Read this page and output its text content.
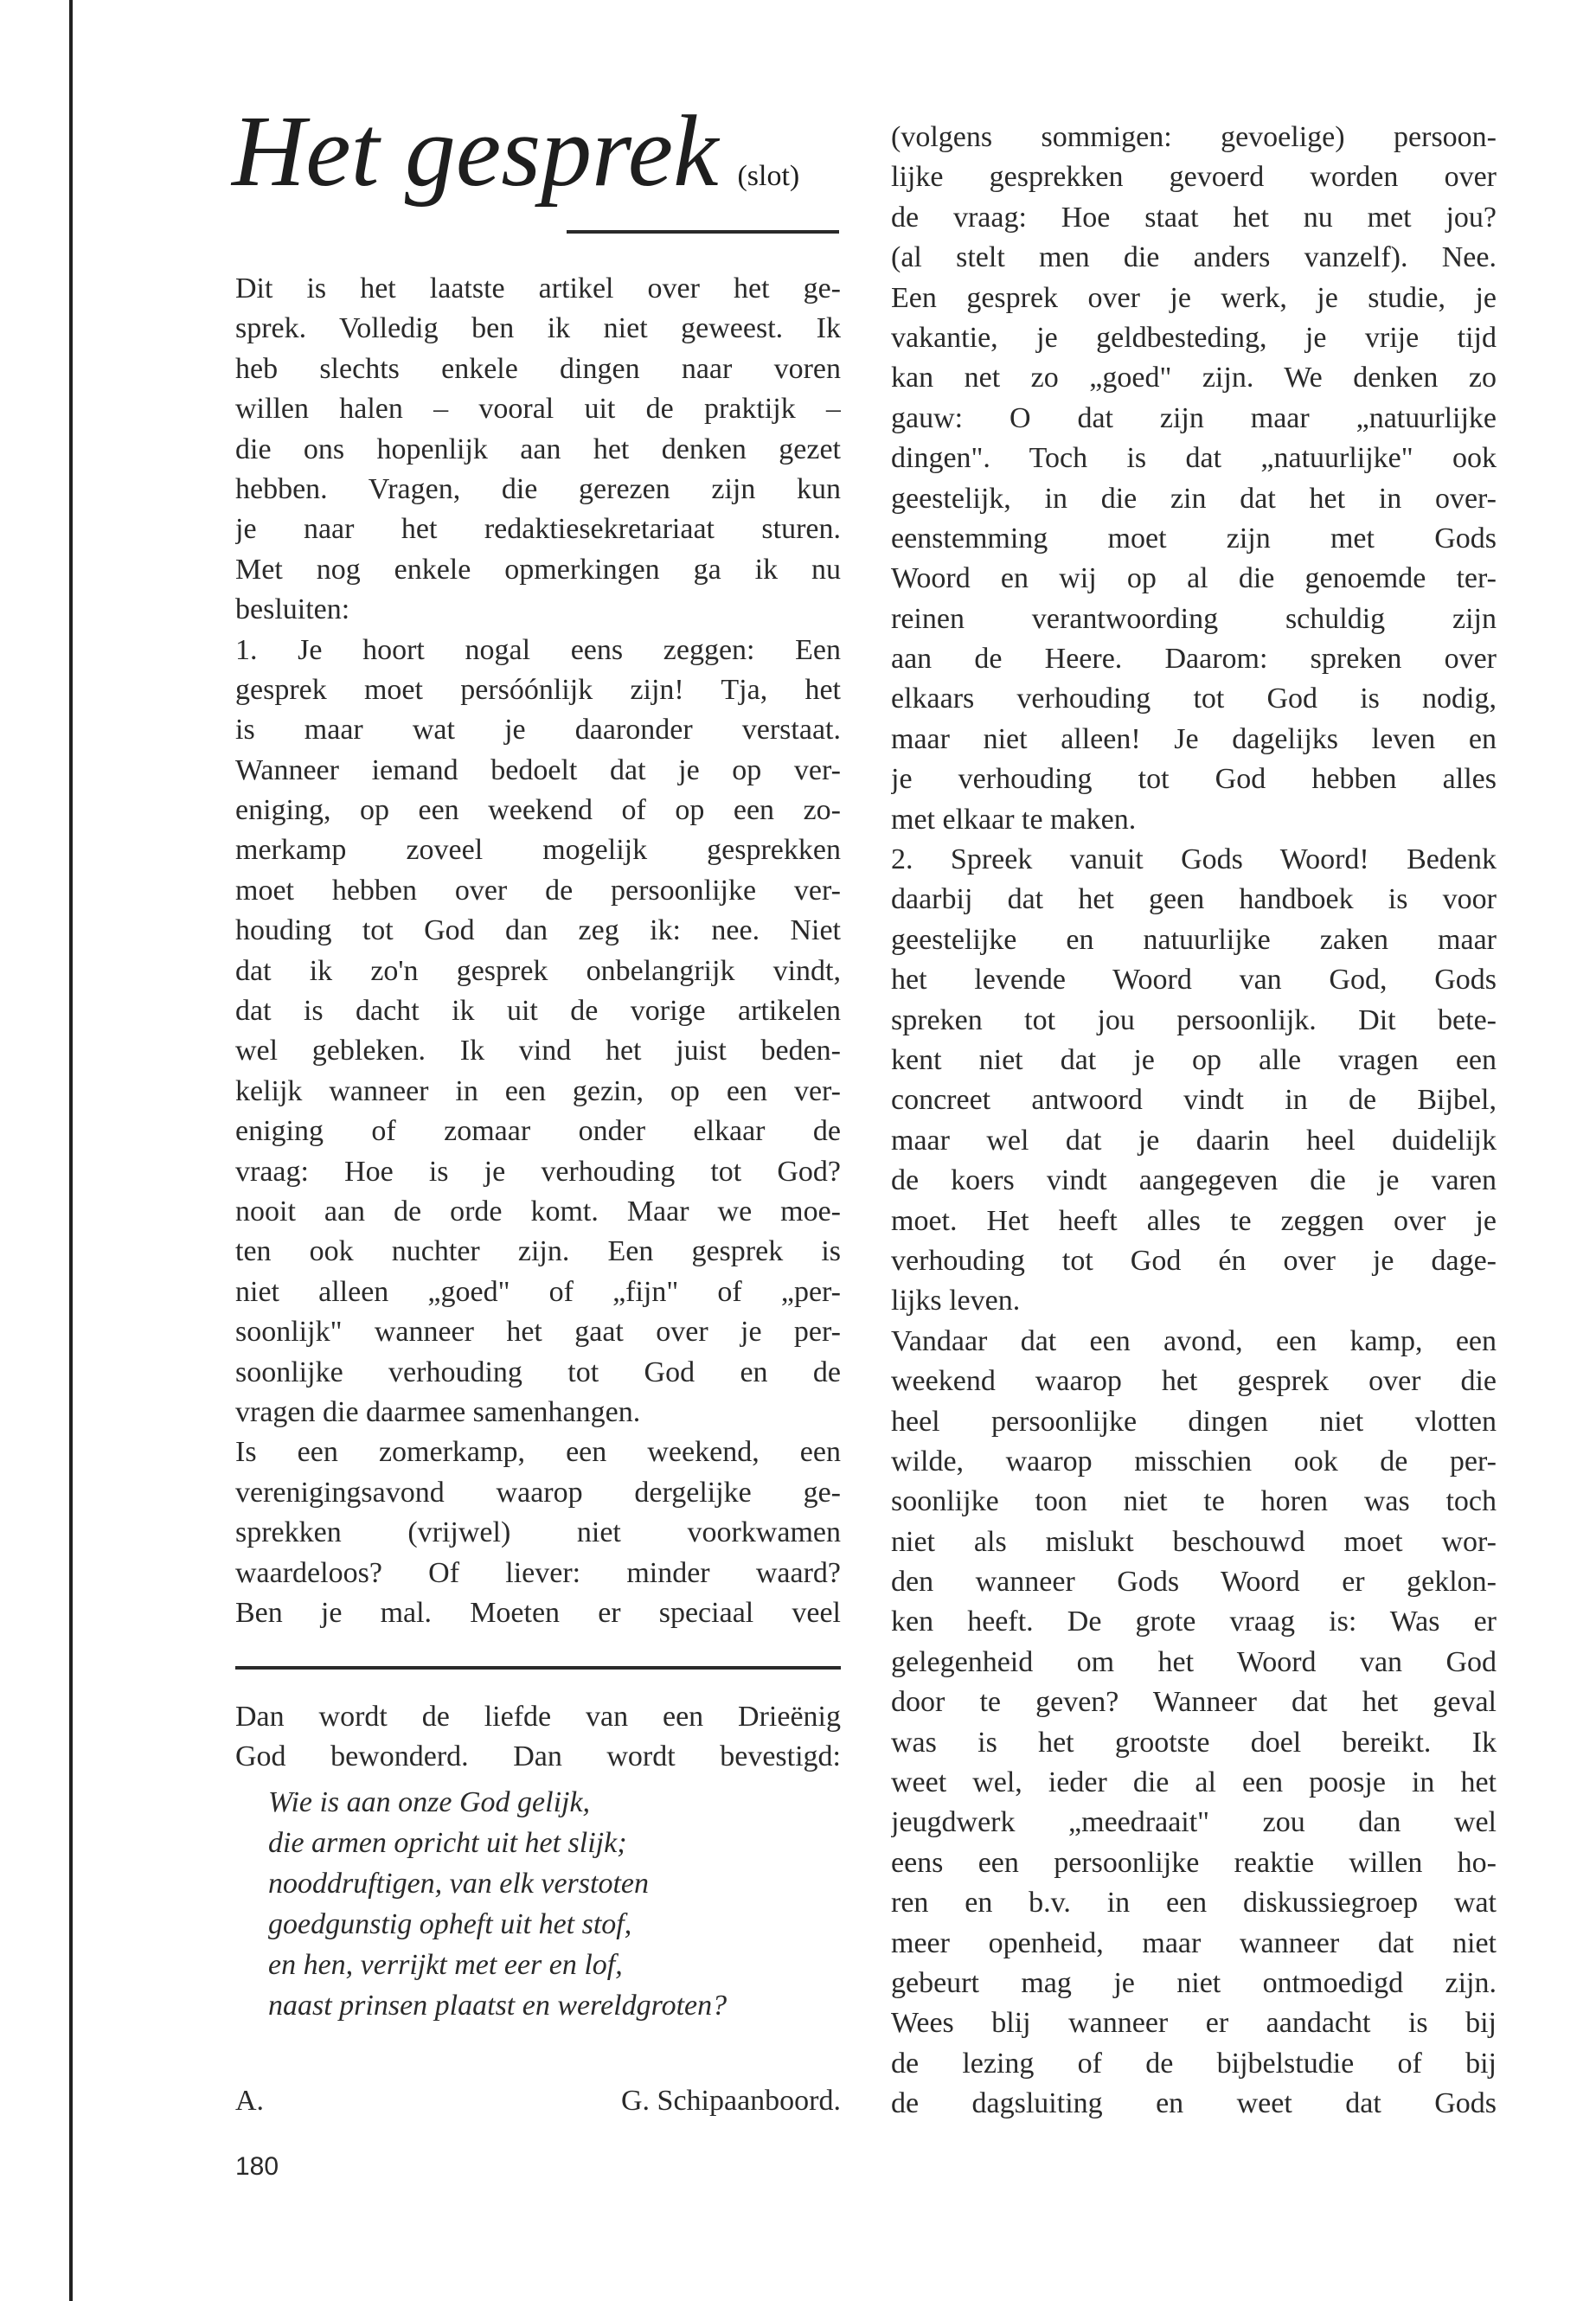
Het gesprek (slot)
Dit is het laatste artikel over het ge-
sprek. Volledig ben ik niet geweest. Ik
heb slechts enkele dingen naar voren
willen halen – vooral uit de praktijk –
die ons hopenlijk aan het denken gezet
hebben. Vragen, die gerezen zijn kun
je naar het redaktiesekretariaat sturen.
Met nog enkele opmerkingen ga ik nu
besluiten:
1. Je hoort nogal eens zeggen: Een
gesprek moet persóónlijk zijn! Tja, het
is maar wat je daaronder verstaat.
Wanneer iemand bedoelt dat je op ver-
eniging, op een weekend of op een zo-
merkamp zoveel mogelijk gesprekken
moet hebben over de persoonlijke ver-
houding tot God dan zeg ik: nee. Niet
dat ik zo'n gesprek onbelangrijk vindt,
dat is dacht ik uit de vorige artikelen
wel gebleken. Ik vind het juist beden-
kelijk wanneer in een gezin, op een ver-
eniging of zomaar onder elkaar de
vraag: Hoe is je verhouding tot God?
nooit aan de orde komt. Maar we moe-
ten ook nuchter zijn. Een gesprek is
niet alleen „goed" of „fijn" of „per-
soonlijk" wanneer het gaat over je per-
soonlijke verhouding tot God en de
vragen die daarmee samenhangen.
Is een zomerkamp, een weekend, een
verenigingsavond waarop dergelijke ge-
sprekken (vrijwel) niet voorkwamen
waardeloos? Of liever: minder waard?
Ben je mal. Moeten er speciaal veel
Dan wordt de liefde van een Drieënig
God bewonderd. Dan wordt bevestigd:
Wie is aan onze God gelijk,
die armen opricht uit het slijk;
nooddruftigen, van elk verstoten
goedgunstig opheft uit het stof,
en hen, verrijkt met eer en lof,
naast prinsen plaatst en wereldgroten?
A.	G. Schipaanboord.
180
(volgens sommigen: gevoelige) persoon-
lijke gesprekken gevoerd worden over
de vraag: Hoe staat het nu met jou?
(al stelt men die anders vanzelf). Nee.
Een gesprek over je werk, je studie, je
vakantie, je geldbesteding, je vrije tijd
kan net zo „goed" zijn. We denken zo
gauw: O dat zijn maar „natuurlijke
dingen". Toch is dat „natuurlijke" ook
geestelijk, in die zin dat het in over-
eenstemming moet zijn met Gods
Woord en wij op al die genoemde ter-
reinen verantwoording schuldig zijn
aan de Heere. Daarom: spreken over
elkaars verhouding tot God is nodig,
maar niet alleen! Je dagelijks leven en
je verhouding tot God hebben alles
met elkaar te maken.
2. Spreek vanuit Gods Woord! Bedenk
daarbij dat het geen handboek is voor
geestelijke en natuurlijke zaken maar
het levende Woord van God, Gods
spreken tot jou persoonlijk. Dit bete-
kent niet dat je op alle vragen een
concreet antwoord vindt in de Bijbel,
maar wel dat je daarin heel duidelijk
de koers vindt aangegeven die je varen
moet. Het heeft alles te zeggen over je
verhouding tot God én over je dage-
lijks leven.
Vandaar dat een avond, een kamp, een
weekend waarop het gesprek over die
heel persoonlijke dingen niet vlotten
wilde, waarop misschien ook de per-
soonlijke toon niet te horen was toch
niet als mislukt beschouwd moet wor-
den wanneer Gods Woord er geklon-
ken heeft. De grote vraag is: Was er
gelegenheid om het Woord van God
door te geven? Wanneer dat het geval
was is het grootste doel bereikt. Ik
weet wel, ieder die al een poosje in het
jeugdwerk „meedraait" zou dan wel
eens een persoonlijke reaktie willen ho-
ren en b.v. in een diskussiegroep wat
meer openheid, maar wanneer dat niet
gebeurt mag je niet ontmoedigd zijn.
Wees blij wanneer er aandacht is bij
de lezing of de bijbelstudie of bij
de dagsluiting en weet dat Gods
